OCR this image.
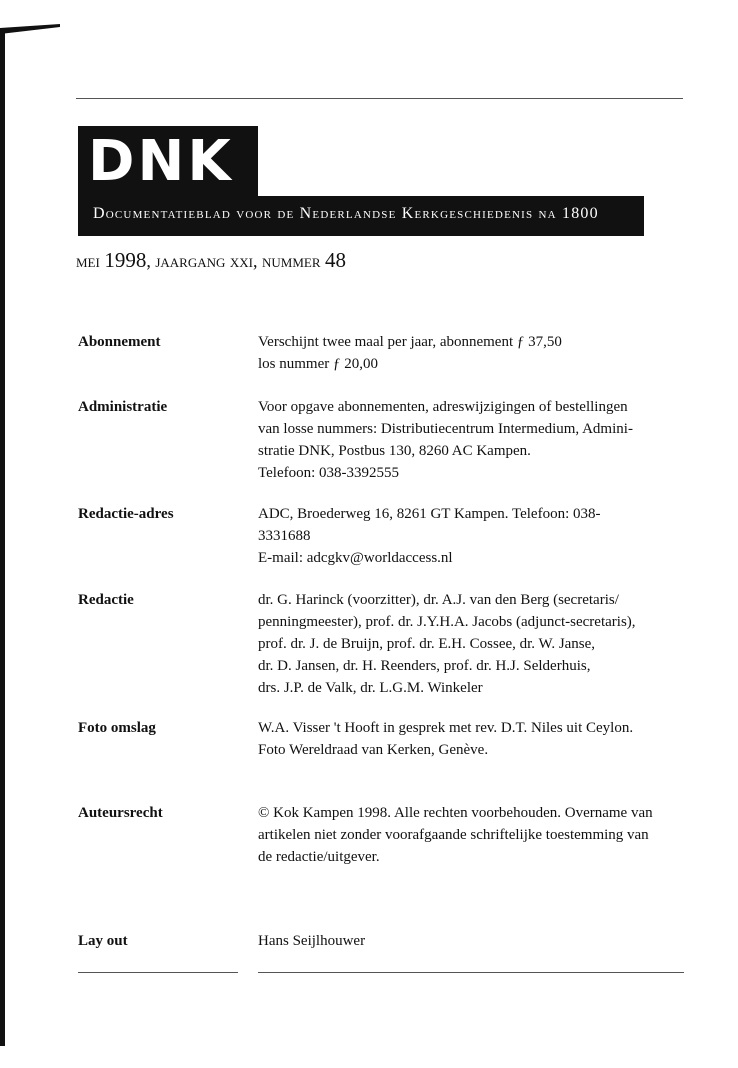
DNK
Documentatieblad voor de Nederlandse Kerkgeschiedenis na 1800
mei 1998, jaargang xxi, nummer 48
Abonnement	Verschijnt twee maal per jaar, abonnement ƒ 37,50
los nummer ƒ 20,00
Administratie	Voor opgave abonnementen, adreswijzigingen of bestellingen
van losse nummers: Distributiecentrum Intermedium, Admini-
stratie DNK, Postbus 130, 8260 AC Kampen.
Telefoon: 038-3392555
Redactie-adres	ADC, Broederweg 16, 8261 GT Kampen. Telefoon: 038-
3331688
E-mail: adcgkv@worldaccess.nl
Redactie	dr. G. Harinck (voorzitter), dr. A.J. van den Berg (secretaris/
penningmeester), prof. dr. J.Y.H.A. Jacobs (adjunct-secretaris),
prof. dr. J. de Bruijn, prof. dr. E.H. Cossee, dr. W. Janse,
dr. D. Jansen, dr. H. Reenders, prof. dr. H.J. Selderhuis,
drs. J.P. de Valk, dr. L.G.M. Winkeler
Foto omslag	W.A. Visser 't Hooft in gesprek met rev. D.T. Niles uit Ceylon.
Foto Wereldraad van Kerken, Genève.
Auteursrecht	© Kok Kampen 1998. Alle rechten voorbehouden. Overname van
artikelen niet zonder voorafgaande schriftelijke toestemming van
de redactie/uitgever.
Lay out	Hans Seijlhouwer
